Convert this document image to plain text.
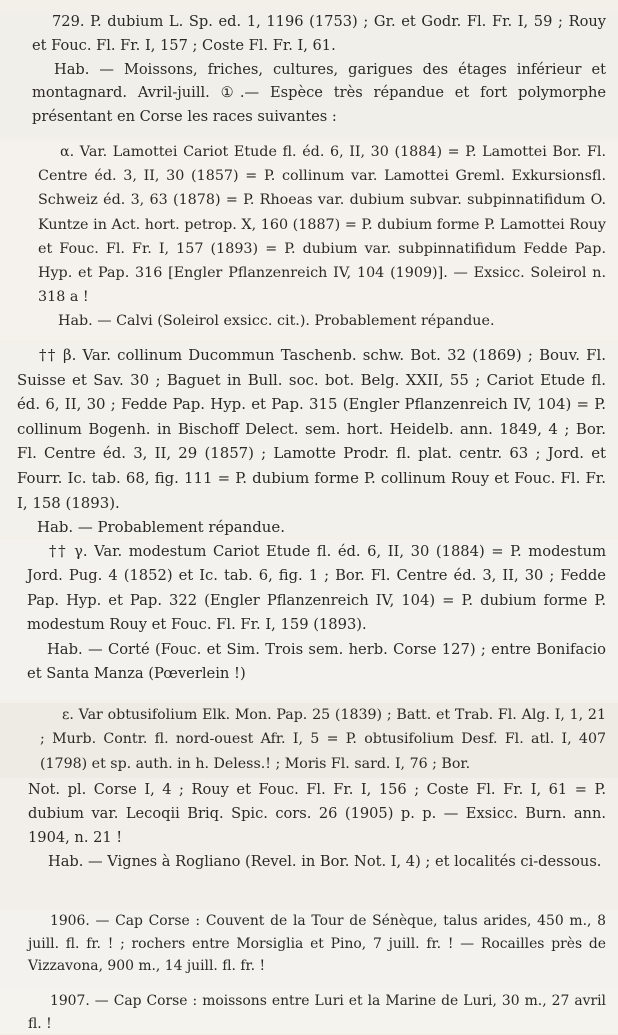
729. P. dubium L. Sp. ed. 1, 1196 (1753) ; Gr. et Godr. Fl. Fr. I, 59 ; Rouy et Fouc. Fl. Fr. I, 157 ; Coste Fl. Fr. I, 61.

Hab. — Moissons, friches, cultures, garigues des étages inférieur et montagnard. Avril-juill. ①.— Espèce très répandue et fort polymorphe présentant en Corse les races suivantes :

α. Var. Lamottei Cariot Etude fl. éd. 6, II, 30 (1884) = P. Lamottei Bor. Fl. Centre éd. 3, II, 30 (1857) = P. collinum var. Lamottei Greml. Exkursionsfl. Schweiz éd. 3, 63 (1878) = P. Rhoeas var. dubium subvar. subpinnatifidum O. Kuntze in Act. hort. petrop. X, 160 (1887) = P. dubium forme P. Lamottei Rouy et Fouc. Fl. Fr. I, 157 (1893) = P. dubium var. subpinnatifidum Fedde Pap. Hyp. et Pap. 316 [Engler Pflanzenreich IV, 104 (1909)]. — Exsicc. Soleirol n. 318 a !

Hab. — Calvi (Soleirol exsicc. cit.). Probablement répandue.

†† β. Var. collinum Ducommun Taschenb. schw. Bot. 32 (1869) ; Bouv. Fl. Suisse et Sav. 30 ; Baguet in Bull. soc. bot. Belg. XXII, 55 ; Cariot Etude fl. éd. 6, II, 30 ; Fedde Pap. Hyp. et Pap. 315 (Engler Pflanzenreich IV, 104) = P. collinum Bogenh. in Bischoff Delect. sem. hort. Heidelb. ann. 1849, 4 ; Bor. Fl. Centre éd. 3, II, 29 (1857) ; Lamotte Prodr. fl. plat. centr. 63 ; Jord. et Fourr. Ic. tab. 68, fig. 111 = P. dubium forme P. collinum Rouy et Fouc. Fl. Fr. I, 158 (1893).

Hab. — Probablement répandue.

†† γ. Var. modestum Cariot Etude fl. éd. 6, II, 30 (1884) = P. modestum Jord. Pug. 4 (1852) et Ic. tab. 6, fig. 1 ; Bor. Fl. Centre éd. 3, II, 30 ; Fedde Pap. Hyp. et Pap. 322 (Engler Pflanzenreich IV, 104) = P. dubium forme P. modestum Rouy et Fouc. Fl. Fr. I, 159 (1893).

Hab. — Corté (Fouc. et Sim. Trois sem. herb. Corse 127) ; entre Bonifacio et Santa Manza (Pœverlein !)

ε. Var obtusifolium Elk. Mon. Pap. 25 (1839) ; Batt. et Trab. Fl. Alg. I, 1, 21 ; Murb. Contr. fl. nord-ouest Afr. I, 5 = P. obtusifolium Desf. Fl. atl. I, 407 (1798) et sp. auth. in h. Deless.! ; Moris Fl. sard. I, 76 ; Bor.

Not. pl. Corse I, 4 ; Rouy et Fouc. Fl. Fr. I, 156 ; Coste Fl. Fr. I, 61 = P. dubium var. Lecoqii Briq. Spic. cors. 26 (1905) p. p. — Exsicc. Burn. ann. 1904, n. 21 !

Hab. — Vignes à Rogliano (Revel. in Bor. Not. I, 4) ; et localités ci-dessous.

1906. — Cap Corse : Couvent de la Tour de Sénèque, talus arides, 450 m., 8 juill. fl. fr. ! ; rochers entre Morsiglia et Pino, 7 juill. fr. ! — Rocailles près de Vizzavona, 900 m., 14 juill. fl. fr. !

1907. — Cap Corse : moissons entre Luri et la Marine de Luri, 30 m., 27 avril fl. !
